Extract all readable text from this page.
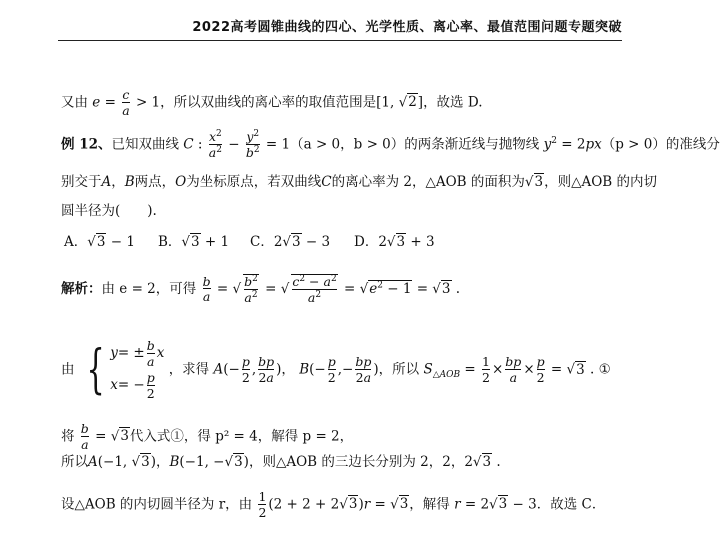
2022高考圆锥曲线的四心、光学性质、离心率、最值范围问题专题突破
又由 $e = \frac{c}{a} > 1$，所以双曲线的离心率的取值范围是[1, √2]，故选 D.
例 12、已知双曲线 C : $\frac{x^2}{a^2} - \frac{y^2}{b^2} = 1(a > 0$，b > 0）的两条渐近线与抛物线 $y^2 = 2px(p > 0)$的准线分
别交于A，B两点，O为坐标原点，若双曲线C的离心率为 2，△AOB 的面积为√3，则△AOB 的内切
圆半径为(　　).
A．√3 − 1 B．√3 + 1 C．2√3 − 3 D．2√3 + 3
解析：由 e = 2，可得 $\frac{b}{a}$ = √ $\frac{b^2}{a^2}$ = √ $\frac{c^2 - a^2}{a^2} = √e^2 - 1 = √3$ .
由 { y = ± $\frac{b}{a}$ x
x = − $\frac{p}{2}$
，求得 $A(- \frac{p}{2}$ , $\frac{bp}{2a}$ )， $B(- \frac{p}{2}$ ,− $\frac{bp}{2a}$ )，所以 $S_{\triangle AOB} = \frac{1}{2} \times \frac{bp}{a} \times \frac{p}{2} = √3$ . ①
将 $\frac{b}{a} = √3$代入式①，得 p² = 4，解得 p = 2，
所以A(−1, √3)，B(−1, −√3)，则△AOB 的三边长分别为 2，2，2√3 .
设△AOB 的内切圆半径为 r，由 $\frac{1}{2} (2 + 2 + 2√3)r = √3$，解得 r = 2√3 − 3．故选 C．
